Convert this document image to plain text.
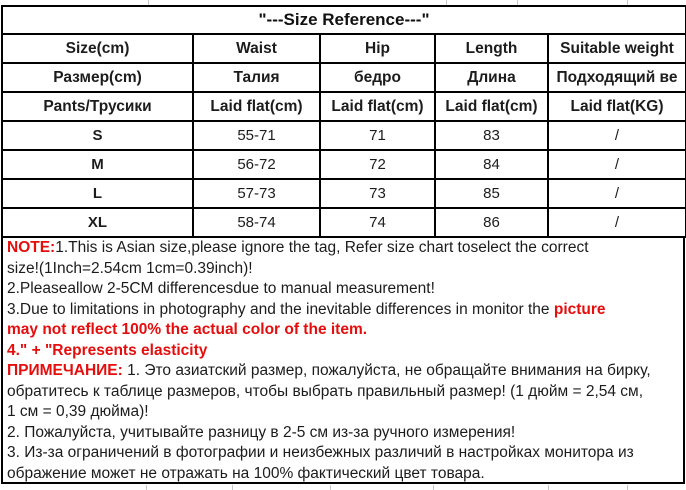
"---Size Reference---"				
Size(cm)	Waist	Hip	Length	Suitable weight
Размер(cm)	Талия	бедро	Длина	Подходящий ве
Pants/Трусики	Laid flat(cm)	Laid flat(cm)	Laid flat(cm)	Laid flat(KG)
S	55-71	71	83	/
M	56-72	72	84	/
L	57-73	73	85	/
XL	58-74	74	86	/
NOTE:1.This is Asian size,please ignore the tag, Refer size chart toselect the correct
size!(1Inch=2.54cm 1cm=0.39inch)!
2.Pleaseallow 2-5CM differencesdue to manual measurement!
3.Due to limitations in photography and the inevitable differences in monitor the picture
may not reflect 100% the actual color of the item.
4." + "Represents elasticity
ПРИМЕЧАНИЕ: 1. Это азиатский размер, пожалуйста, не обращайте внимания на бирку,
обратитесь к таблице размеров, чтобы выбрать правильный размер! (1 дюйм = 2,54 см,
1 см = 0,39 дюйма)!
2. Пожалуйста, учитывайте разницу в 2-5 см из-за ручного измерения!
3. Из-за ограничений в фотографии и неизбежных различий в настройках монитора из
ображение может не отражать на 100% фактический цвет товара.
